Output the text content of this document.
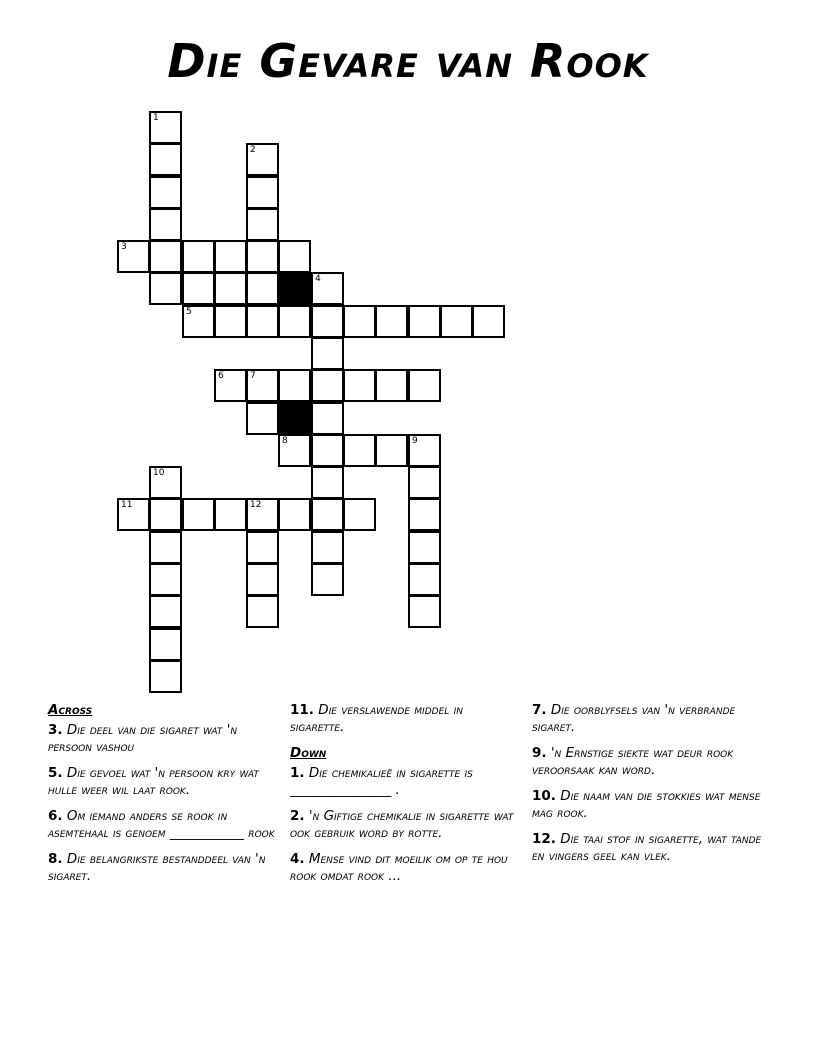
Die Gevare van Rook
1
2
3
4
5
6	7
8	9
10
11	12
Across
3. Die deel van die sigaret wat 'n persoon vashou
5. Die gevoel wat 'n persoon kry wat hulle weer wil laat rook.
6. Om iemand anders se rook in asemtehaal is genoem ___________ rook
8. Die belangrikste bestanddeel van 'n sigaret.
11. Die verslawende middel in sigarette.
Down
1. Die chemikalieë in sigarette is _______________ .
2. 'n Giftige chemikalie in sigarette wat ook gebruik word by rotte.
4. Mense vind dit moeilik om op te hou rook omdat rook ...
7. Die oorblyfsels van 'n verbrande sigaret.
9. 'n Ernstige siekte wat deur rook veroorsaak kan word.
10. Die naam van die stokkies wat mense mag rook.
12. Die taai stof in sigarette, wat tande en vingers geel kan vlek.
